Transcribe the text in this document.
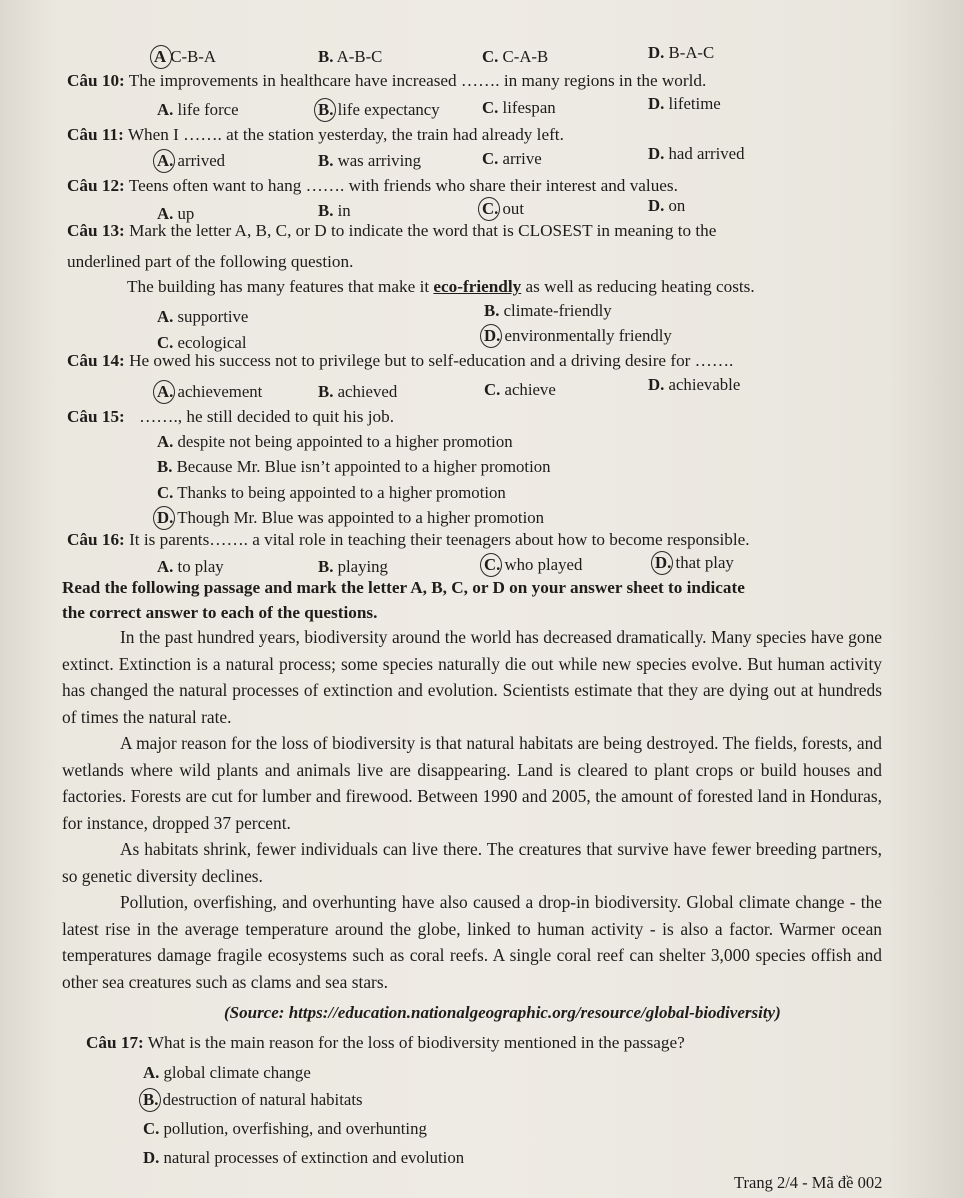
A C-B-A	B. A-B-C	C. C-A-B	D. B-A-C
Câu 10: The improvements in healthcare have increased ……. in many regions in the world.
A. life force	B. life expectancy	C. lifespan	D. lifetime
Câu 11: When I ……. at the station yesterday, the train had already left.
A. arrived	B. was arriving	C. arrive	D. had arrived
Câu 12: Teens often want to hang ……. with friends who share their interest and values.
A. up	B. in	C. out	D. on
Câu 13: Mark the letter A, B, C, or D to indicate the word that is CLOSEST in meaning to the
underlined part of the following question.
The building has many features that make it eco-friendly as well as reducing heating costs.
A. supportive	B. climate-friendly
C. ecological	D. environmentally friendly
Câu 14: He owed his success not to privilege but to self-education and a driving desire for …….
A. achievement	B. achieved	C. achieve	D. achievable
Câu 15: ……., he still decided to quit his job.
A. despite not being appointed to a higher promotion
B. Because Mr. Blue isn’t appointed to a higher promotion
C. Thanks to being appointed to a higher promotion
D. Though Mr. Blue was appointed to a higher promotion
Câu 16: It is parents……. a vital role in teaching their teenagers about how to become responsible.
A. to play	B. playing	C. who played	D. that play
Read the following passage and mark the letter A, B, C, or D on your answer sheet to indicate
the correct answer to each of the questions.

In the past hundred years, biodiversity around the world has decreased dramatically. Many species have gone extinct. Extinction is a natural process; some species naturally die out while new species evolve. But human activity has changed the natural processes of extinction and evolution. Scientists estimate that they are dying out at hundreds of times the natural rate.

A major reason for the loss of biodiversity is that natural habitats are being destroyed. The fields, forests, and wetlands where wild plants and animals live are disappearing. Land is cleared to plant crops or build houses and factories. Forests are cut for lumber and firewood. Between 1990 and 2005, the amount of forested land in Honduras, for instance, dropped 37 percent.

As habitats shrink, fewer individuals can live there. The creatures that survive have fewer breeding partners, so genetic diversity declines.

Pollution, overfishing, and overhunting have also caused a drop-in biodiversity. Global climate change - the latest rise in the average temperature around the globe, linked to human activity - is also a factor. Warmer ocean temperatures damage fragile ecosystems such as coral reefs. A single coral reef can shelter 3,000 species offish and other sea creatures such as clams and sea stars.

(Source: https://education.nationalgeographic.org/resource/global-biodiversity)
Câu 17: What is the main reason for the loss of biodiversity mentioned in the passage?
A. global climate change
B. destruction of natural habitats
C. pollution, overfishing, and overhunting
D. natural processes of extinction and evolution
Trang 2/4 - Mã đề 002
